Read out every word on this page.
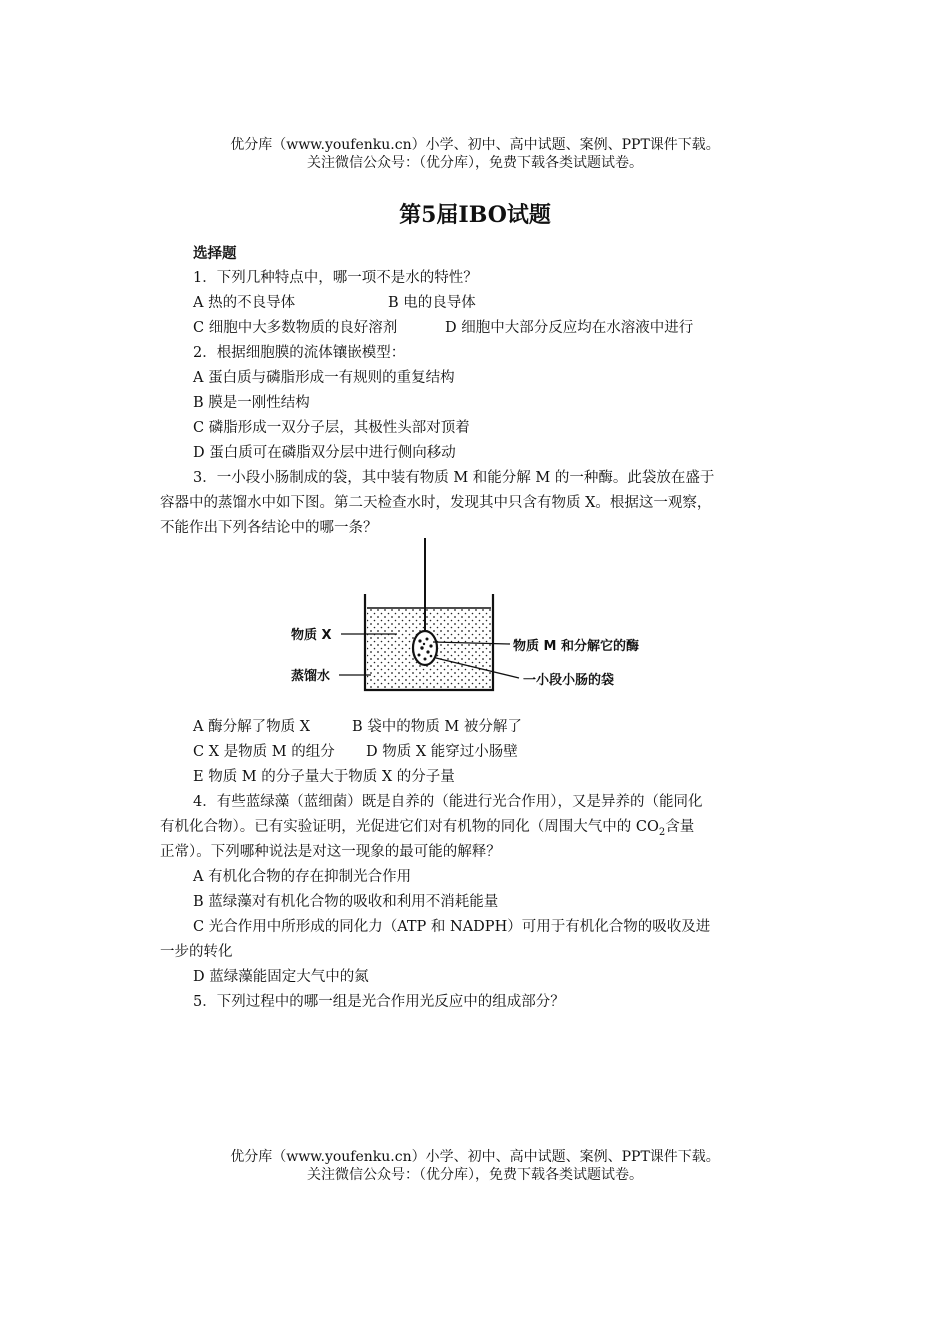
优分库（www.youfenku.cn）小学、初中、高中试题、案例、PPT课件下载。
关注微信公众号：（优分库），免费下载各类试题试卷。
第5届IBO试题
选择题
1．下列几种特点中，哪一项不是水的特性？
A 热的不良导体	B 电的良导体
C 细胞中大多数物质的良好溶剂	D 细胞中大部分反应均在水溶液中进行
2．根据细胞膜的流体镶嵌模型：
A 蛋白质与磷脂形成一有规则的重复结构
B 膜是一刚性结构
C 磷脂形成一双分子层，其极性头部对顶着
D 蛋白质可在磷脂双分层中进行侧向移动
3．一小段小肠制成的袋，其中装有物质 M 和能分解 M 的一种酶。此袋放在盛于
容器中的蒸馏水中如下图。第二天检查水时，发现其中只含有物质 X。根据这一观察，
不能作出下列各结论中的哪一条？
物质 X
蒸馏水
物质 M 和分解它的酶
一小段小肠的袋
A 酶分解了物质 X	B 袋中的物质 M 被分解了
C X 是物质 M 的组分 D 物质 X 能穿过小肠壁
E 物质 M 的分子量大于物质 X 的分子量
4．有些蓝绿藻（蓝细菌）既是自养的（能进行光合作用），又是异养的（能同化
有机化合物）。已有实验证明，光促进它们对有机物的同化（周围大气中的 $CO_2$含量
正常）。下列哪种说法是对这一现象的最可能的解释？
A 有机化合物的存在抑制光合作用
B 蓝绿藻对有机化合物的吸收和利用不消耗能量
C 光合作用中所形成的同化力（ATP 和 NADPH）可用于有机化合物的吸收及进
一步的转化
D 蓝绿藻能固定大气中的氮
5．下列过程中的哪一组是光合作用光反应中的组成部分？
优分库（www.youfenku.cn）小学、初中、高中试题、案例、PPT课件下载。
关注微信公众号：（优分库），免费下载各类试题试卷。
